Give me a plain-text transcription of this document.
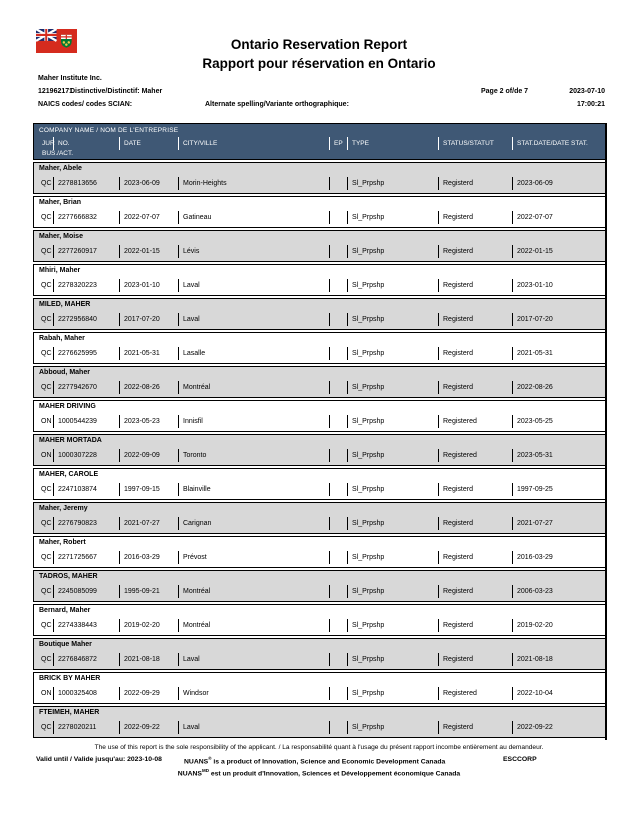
Ontario Reservation Report
Rapport pour réservation en Ontario
Maher Institute Inc.
121962171
Distinctive/Distinctif: Maher	Page 2 of/de 7	2023-07-10
NAICS codes/ codes SCIAN:	Alternate spelling/Variante orthographique:	17:00:21
COMPANY NAME / NOM DE L'ENTREPRISE
JUR NO.	DATE	CITY/VILLE	EP	TYPE	STATUS/STATUT	STAT.DATE/DATE STAT.
BUS./ACT.
Maher, Abele
QC 2278813656	2023-06-09	Morin-Heights	Sl_Prpshp	Registerd	2023-06-09
Maher, Brian
QC 2277666832	2022-07-07	Gatineau	Sl_Prpshp	Registerd	2022-07-07
Maher, Moise
QC 2277260917	2022-01-15	Lévis	Sl_Prpshp	Registerd	2022-01-15
Mhiri, Maher
QC 2278320223	2023-01-10	Laval	Sl_Prpshp	Registerd	2023-01-10
MILED, MAHER
QC 2272956840	2017-07-20	Laval	Sl_Prpshp	Registerd	2017-07-20
Rabah, Maher
QC 2276625995	2021-05-31	Lasalle	Sl_Prpshp	Registerd	2021-05-31
Abboud, Maher
QC 2277942670	2022-08-26	Montréal	Sl_Prpshp	Registerd	2022-08-26
MAHER DRIVING
ON 1000544239	2023-05-23	Innisfil	Sl_Prpshp	Registered	2023-05-25
MAHER MORTADA
ON 1000307228	2022-09-09	Toronto	Sl_Prpshp	Registered	2023-05-31
MAHER, CAROLE
QC 2247103874	1997-09-15	Blainville	Sl_Prpshp	Registerd	1997-09-25
Maher, Jeremy
QC 2276790823	2021-07-27	Carignan	Sl_Prpshp	Registerd	2021-07-27
Maher, Robert
QC 2271725667	2016-03-29	Prévost	Sl_Prpshp	Registerd	2016-03-29
TADROS, MAHER
QC 2245085099	1995-09-21	Montréal	Sl_Prpshp	Registerd	2006-03-23
Bernard, Maher
QC 2274338443	2019-02-20	Montréal	Sl_Prpshp	Registerd	2019-02-20
Boutique Maher
QC 2276846872	2021-08-18	Laval	Sl_Prpshp	Registerd	2021-08-18
BRICK BY MAHER
ON 1000325408	2022-09-29	Windsor	Sl_Prpshp	Registered	2022-10-04
FTEIMEH, MAHER
QC 2278020211	2022-09-22	Laval	Sl_Prpshp	Registerd	2022-09-22
The use of this report is the sole responsibility of the applicant. / La responsabilité quant à l'usage du présent rapport incombe entièrement au demandeur.
Valid until / Valide jusqu'au: 2023-10-08	NUANS® is a product of Innovation, Science and Economic Development Canada	ESCCORP
$NUANS^{MD}$ est un produit d'Innovation, Sciences et Développement économique Canada
